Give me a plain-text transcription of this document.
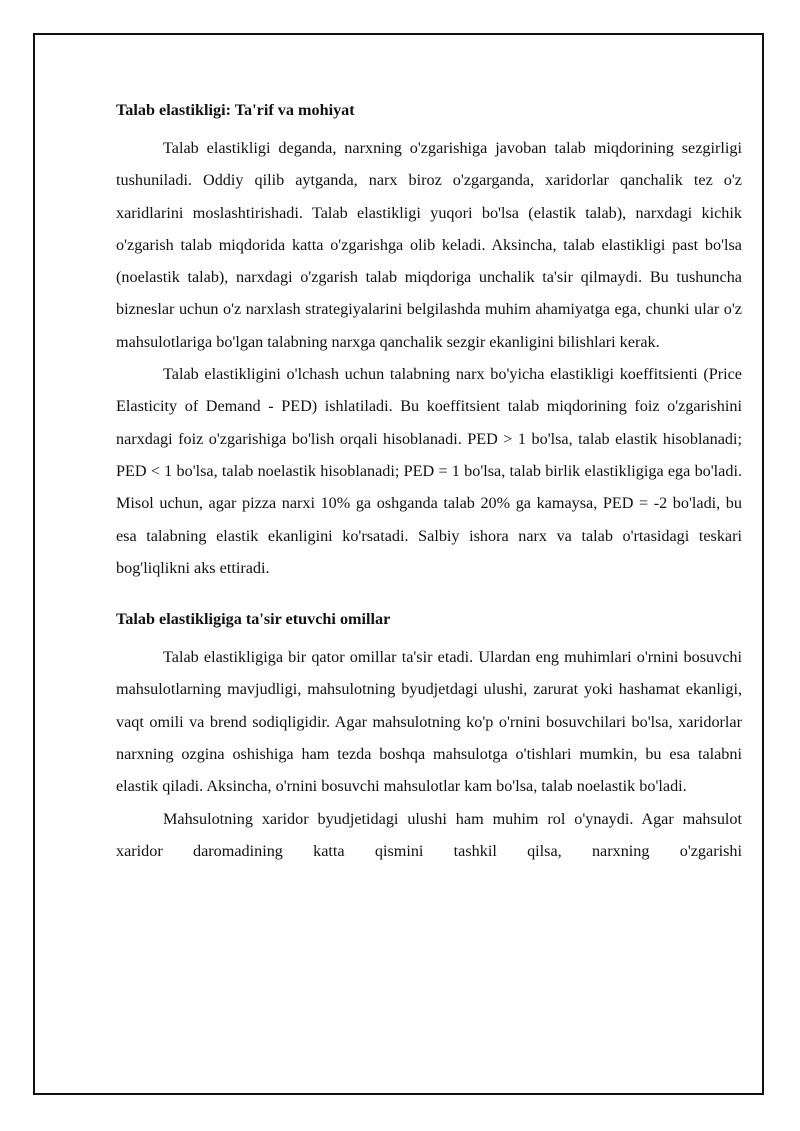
Talab elastikligi: Ta'rif va mohiyat

Talab elastikligi deganda, narxning o'zgarishiga javoban talab miqdorining sezgirligi tushuniladi. Oddiy qilib aytganda, narx biroz o'zgarganda, xaridorlar qanchalik tez o'z xaridlarini moslashtirishadi. Talab elastikligi yuqori bo'lsa (elastik talab), narxdagi kichik o'zgarish talab miqdorida katta o'zgarishga olib keladi. Aksincha, talab elastikligi past bo'lsa (noelastik talab), narxdagi o'zgarish talab miqdoriga unchalik ta'sir qilmaydi. Bu tushuncha bizneslar uchun o'z narxlash strategiyalarini belgilashda muhim ahamiyatga ega, chunki ular o'z mahsulotlariga bo'lgan talabning narxga qanchalik sezgir ekanligini bilishlari kerak.

Talab elastikligini o'lchash uchun talabning narx bo'yicha elastikligi koeffitsienti (Price Elasticity of Demand - PED) ishlatiladi. Bu koeffitsient talab miqdorining foiz o'zgarishini narxdagi foiz o'zgarishiga bo'lish orqali hisoblanadi. PED > 1 bo'lsa, talab elastik hisoblanadi; PED < 1 bo'lsa, talab noelastik hisoblanadi; PED = 1 bo'lsa, talab birlik elastikligiga ega bo'ladi. Misol uchun, agar pizza narxi 10% ga oshganda talab 20% ga kamaysa, PED = -2 bo'ladi, bu esa talabning elastik ekanligini ko'rsatadi. Salbiy ishora narx va talab o'rtasidagi teskari bog'liqlikni aks ettiradi.

Talab elastikligiga ta'sir etuvchi omillar

Talab elastikligiga bir qator omillar ta'sir etadi. Ulardan eng muhimlari o'rnini bosuvchi mahsulotlarning mavjudligi, mahsulotning byudjetdagi ulushi, zarurat yoki hashamat ekanligi, vaqt omili va brend sodiqligidir. Agar mahsulotning ko'p o'rnini bosuvchilari bo'lsa, xaridorlar narxning ozgina oshishiga ham tezda boshqa mahsulotga o'tishlari mumkin, bu esa talabni elastik qiladi. Aksincha, o'rnini bosuvchi mahsulotlar kam bo'lsa, talab noelastik bo'ladi.

Mahsulotning xaridor byudjetidagi ulushi ham muhim rol o'ynaydi. Agar mahsulot xaridor daromadining katta qismini tashkil qilsa, narxning o'zgarishi
